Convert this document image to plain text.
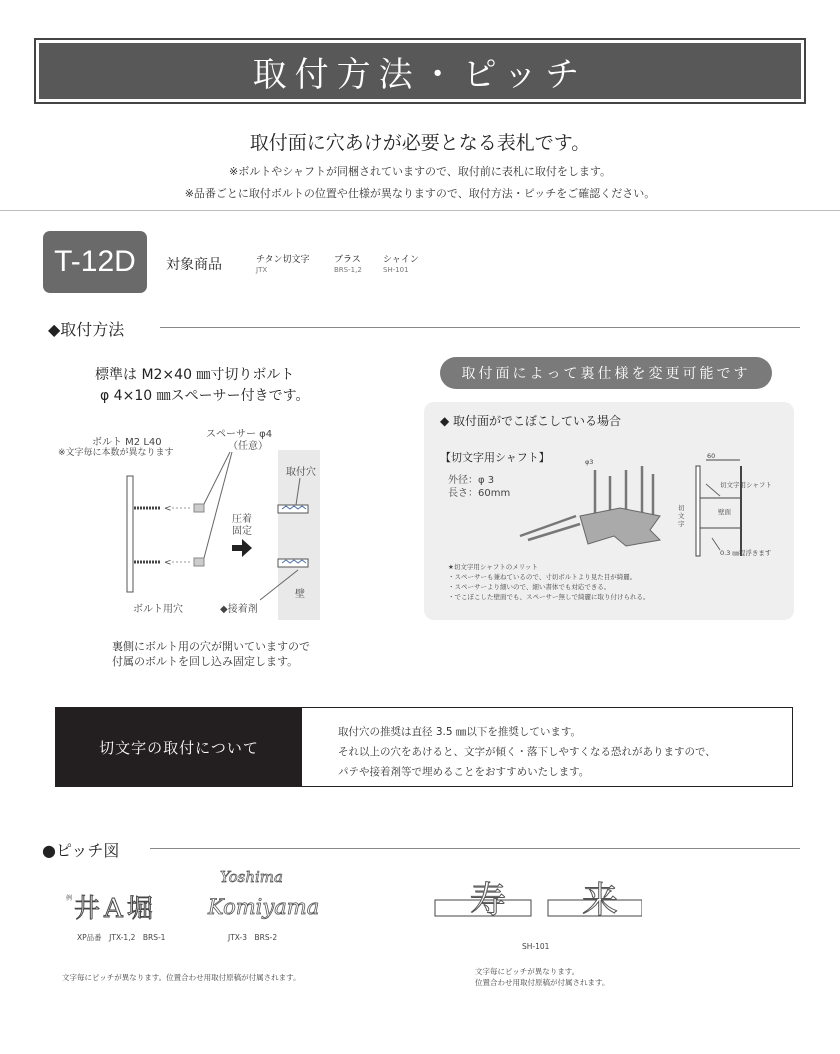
取付方法・ピッチ
取付面に穴あけが必要となる表札です。
※ボルトやシャフトが同梱されていますので、取付前に表札に取付をします。
※品番ごとに取付ボルトの位置や仕様が異なりますので、取付方法・ピッチをご確認ください。
T-12D	対象商品	チタン切文字
JTX
ブラス
BRS-1,2
シャイン
SH-101
◆取付方法
標準は M2×40 ㎜寸切りボルト
φ 4×10 ㎜スペーサー付きです。
ボルト M2 L40
※文字毎に本数が異なります
スペーサー φ4
（任意）
<
<
取付穴
圧着
固定
壁
ボルト用穴	◆接着剤
裏側にボルト用の穴が開いていますので
付属のボルトを回し込み固定します。
取付面によって裏仕様を変更可能です
◆ 取付面がでこぼこしている場合
【切文字用シャフト】
外径：φ 3
長さ：60mm
φ3
60
切文字用シャフト
壁面
切文字
0.3 ㎜程浮きます
★切文字用シャフトのメリット
・スペーサーも兼ねているので、寸切ボルトより見た目が綺麗。
・スペーサーより細いので、細い書体でも対応できる。
・でこぼこした壁面でも、スペーサー無しで綺麗に取り付けられる。
切文字の取付について
取付穴の推奨は直径 3.5 ㎜以下を推奨しています。
それ以上の穴をあけると、文字が傾く・落下しやすくなる恐れがありますので、
パテや接着剤等で埋めることをおすすめいたします。
●ピッチ図
例 井A堀
Yoshima
Komiyama
XP品番　JTX-1,2　BRS-1	JTX-3　BRS-2
文字毎にピッチが異なります。位置合わせ用取付原稿が付属されます。
寿 来
SH-101
文字毎にピッチが異なります。
位置合わせ用取付原稿が付属されます。
